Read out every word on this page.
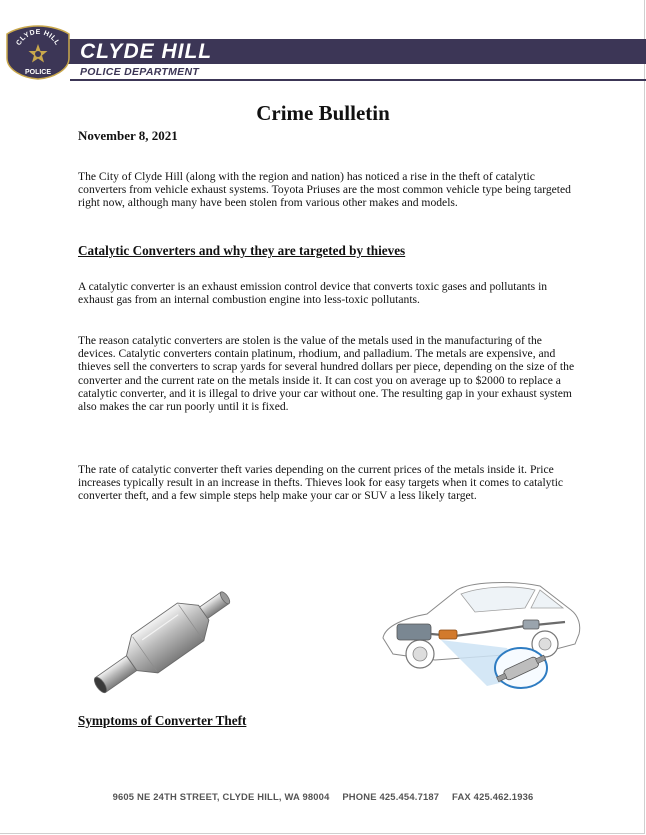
CLYDE HILL
POLICE DEPARTMENT
CLYDE HILL
POLICE
Crime Bulletin
November 8, 2021

The City of Clyde Hill (along with the region and nation) has noticed a rise in the theft of catalytic converters from vehicle exhaust systems. Toyota Priuses are the most common vehicle type being targeted right now, although many have been stolen from various other makes and models.

Catalytic Converters and why they are targeted by thieves

A catalytic converter is an exhaust emission control device that converts toxic gases and pollutants in exhaust gas from an internal combustion engine into less-toxic pollutants.

The reason catalytic converters are stolen is the value of the metals used in the manufacturing of the devices. Catalytic converters contain platinum, rhodium, and palladium. The metals are expensive, and thieves sell the converters to scrap yards for several hundred dollars per piece, depending on the size of the converter and the current rate on the metals inside it. It can cost you on average up to $2000 to replace a catalytic converter, and it is illegal to drive your car without one. The resulting gap in your exhaust system also makes the car run poorly until it is fixed.

The rate of catalytic converter theft varies depending on the current prices of the metals inside it. Price increases typically result in an increase in thefts. Thieves look for easy targets when it comes to catalytic converter theft, and a few simple steps help make your car or SUV a less likely target.

Symptoms of Converter Theft
9605 NE 24TH STREET, CLYDE HILL, WA 98004 PHONE 425.454.7187 FAX 425.462.1936
